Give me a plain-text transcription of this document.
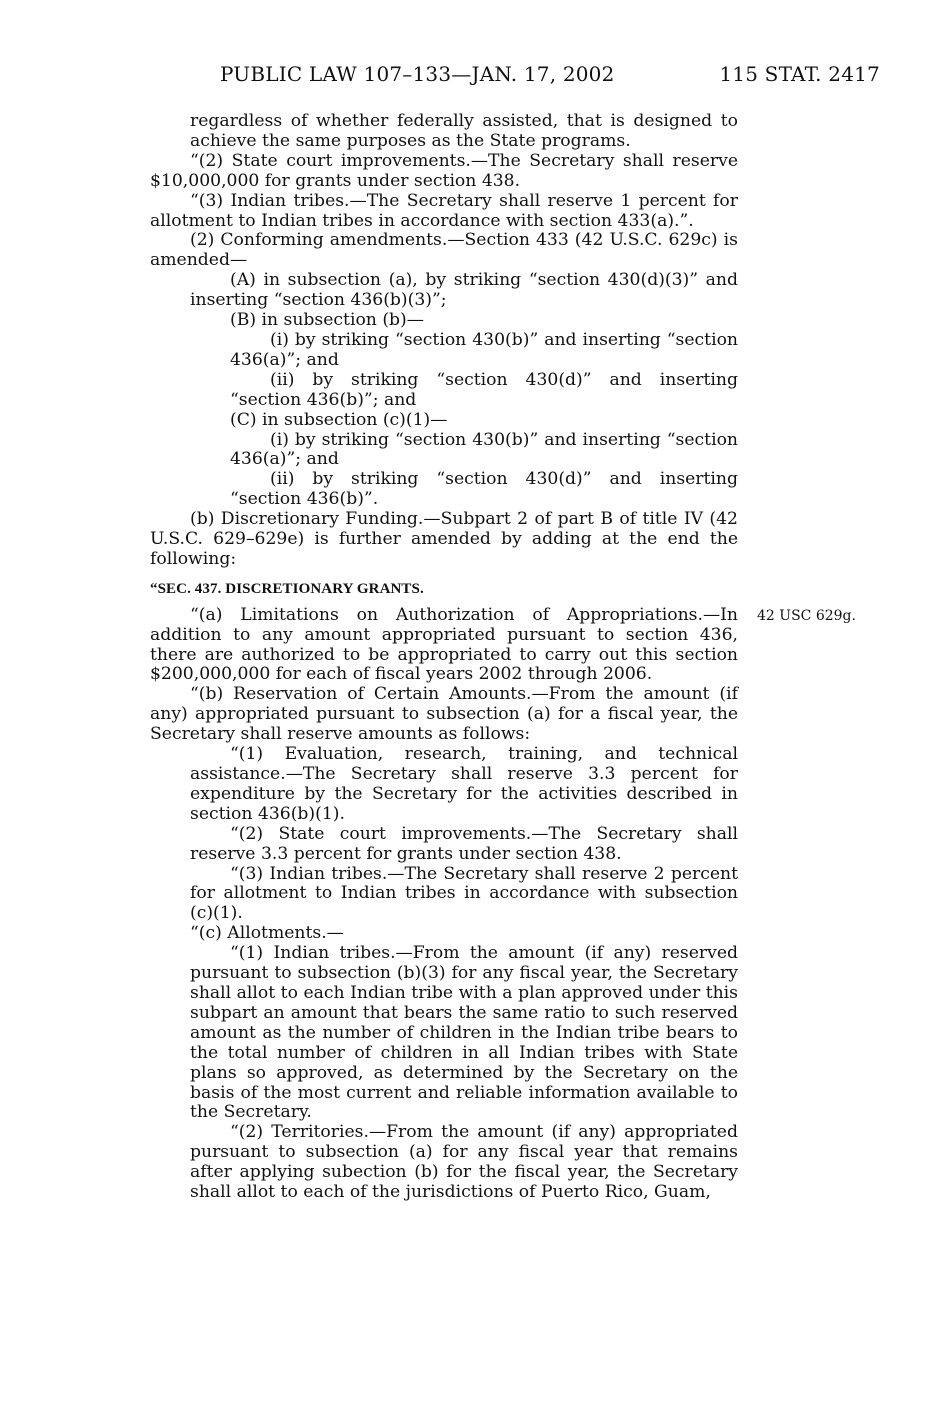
PUBLIC LAW 107–133—JAN. 17, 2002	115 STAT. 2417
42 USC 629g.

regardless of whether federally assisted, that is designed to achieve the same purposes as the State programs.

“(2) State court improvements.—The Secretary shall reserve $10,000,000 for grants under section 438.

“(3) Indian tribes.—The Secretary shall reserve 1 percent for allotment to Indian tribes in accordance with section 433(a).”.

(2) Conforming amendments.—Section 433 (42 U.S.C. 629c) is amended—

(A) in subsection (a), by striking “section 430(d)(3)” and inserting “section 436(b)(3)”;

(B) in subsection (b)—

(i) by striking “section 430(b)” and inserting “section 436(a)”; and

(ii) by striking “section 430(d)” and inserting “section 436(b)”; and

(C) in subsection (c)(1)—

(i) by striking “section 430(b)” and inserting “section 436(a)”; and

(ii) by striking “section 430(d)” and inserting “section 436(b)”.

(b) Discretionary Funding.—Subpart 2 of part B of title IV (42 U.S.C. 629–629e) is further amended by adding at the end the following:

“SEC. 437. DISCRETIONARY GRANTS.

“(a) Limitations on Authorization of Appropriations.—In addition to any amount appropriated pursuant to section 436, there are authorized to be appropriated to carry out this section $200,000,000 for each of fiscal years 2002 through 2006.

“(b) Reservation of Certain Amounts.—From the amount (if any) appropriated pursuant to subsection (a) for a fiscal year, the Secretary shall reserve amounts as follows:

“(1) Evaluation, research, training, and technical assistance.—The Secretary shall reserve 3.3 percent for expenditure by the Secretary for the activities described in section 436(b)(1).

“(2) State court improvements.—The Secretary shall reserve 3.3 percent for grants under section 438.

“(3) Indian tribes.—The Secretary shall reserve 2 percent for allotment to Indian tribes in accordance with subsection (c)(1).

“(c) Allotments.—

“(1) Indian tribes.—From the amount (if any) reserved pursuant to subsection (b)(3) for any fiscal year, the Secretary shall allot to each Indian tribe with a plan approved under this subpart an amount that bears the same ratio to such reserved amount as the number of children in the Indian tribe bears to the total number of children in all Indian tribes with State plans so approved, as determined by the Secretary on the basis of the most current and reliable information available to the Secretary.

“(2) Territories.—From the amount (if any) appropriated pursuant to subsection (a) for any fiscal year that remains after applying subection (b) for the fiscal year, the Secretary shall allot to each of the jurisdictions of Puerto Rico, Guam,
